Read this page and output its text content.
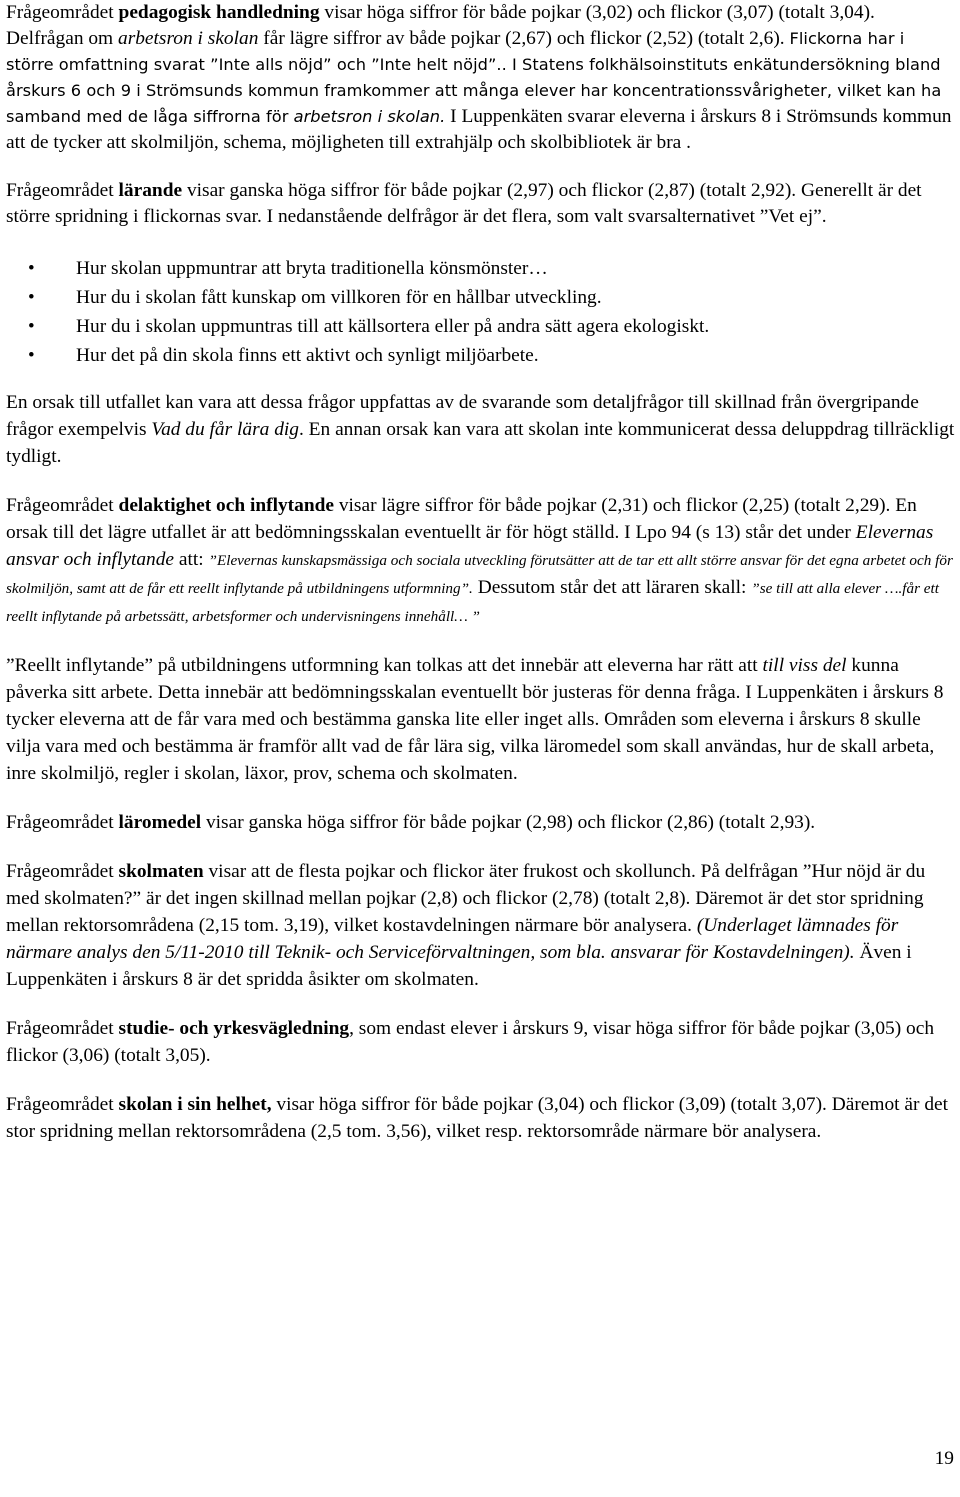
Frågeområdet pedagogisk handledning visar höga siffror för både pojkar (3,02) och flickor (3,07) (totalt 3,04). Delfrågan om arbetsron i skolan får lägre siffror av både pojkar (2,67) och flickor (2,52) (totalt 2,6). Flickorna har i större omfattning svarat ”Inte alls nöjd” och ”Inte helt nöjd”.. I Statens folkhälsoinstituts enkätundersökning bland årskurs 6 och 9 i Strömsunds kommun framkommer att många elever har koncentrationssvårigheter, vilket kan ha samband med de låga siffrorna för arbetsron i skolan. I Luppenkäten svarar eleverna i årskurs 8 i Strömsunds kommun att de tycker att skolmiljön, schema, möjligheten till extrahjälp och skolbibliotek är bra .

Frågeområdet lärande visar ganska höga siffror för både pojkar (2,97) och flickor (2,87) (totalt 2,92). Generellt är det större spridning i flickornas svar. I nedanstående delfrågor är det flera, som valt svarsalternativet ”Vet ej”.

• Hur skolan uppmuntrar att bryta traditionella könsmönster…
• Hur du i skolan fått kunskap om villkoren för en hållbar utveckling.
• Hur du i skolan uppmuntras till att källsortera eller på andra sätt agera ekologiskt.
• Hur det på din skola finns ett aktivt och synligt miljöarbete.

En orsak till utfallet kan vara att dessa frågor uppfattas av de svarande som detaljfrågor till skillnad från övergripande frågor exempelvis Vad du får lära dig. En annan orsak kan vara att skolan inte kommunicerat dessa deluppdrag tillräckligt tydligt.

Frågeområdet delaktighet och inflytande visar lägre siffror för både pojkar (2,31) och flickor (2,25) (totalt 2,29). En orsak till det lägre utfallet är att bedömningsskalan eventuellt är för högt ställd. I Lpo 94 (s 13) står det under Elevernas ansvar och inflytande att: ”Elevernas kunskapsmässiga och sociala utveckling förutsätter att de tar ett allt större ansvar för det egna arbetet och för skolmiljön, samt att de får ett reellt inflytande på utbildningens utformning”. Dessutom står det att läraren skall: ”se till att alla elever ….får ett reellt inflytande på arbetssätt, arbetsformer och undervisningens innehåll… ”

”Reellt inflytande” på utbildningens utformning kan tolkas att det innebär att eleverna har rätt att till viss del kunna påverka sitt arbete. Detta innebär att bedömningsskalan eventuellt bör justeras för denna fråga. I Luppenkäten i årskurs 8 tycker eleverna att de får vara med och bestämma ganska lite eller inget alls. Områden som eleverna i årskurs 8 skulle vilja vara med och bestämma är framför allt vad de får lära sig, vilka läromedel som skall användas, hur de skall arbeta, inre skolmiljö, regler i skolan, läxor, prov, schema och skolmaten.

Frågeområdet läromedel visar ganska höga siffror för både pojkar (2,98) och flickor (2,86) (totalt 2,93).

Frågeområdet skolmaten visar att de flesta pojkar och flickor äter frukost och skollunch. På delfrågan ”Hur nöjd är du med skolmaten?” är det ingen skillnad mellan pojkar (2,8) och flickor (2,78) (totalt 2,8). Däremot är det stor spridning mellan rektorsområdena (2,15 tom. 3,19), vilket kostavdelningen närmare bör analysera. (Underlaget lämnades för närmare analys den 5/11-2010 till Teknik- och Serviceförvaltningen, som bla. ansvarar för Kostavdelningen). Även i Luppenkäten i årskurs 8 är det spridda åsikter om skolmaten.

Frågeområdet studie- och yrkesvägledning, som endast elever i årskurs 9, visar höga siffror för både pojkar (3,05) och flickor (3,06) (totalt 3,05).

Frågeområdet skolan i sin helhet, visar höga siffror för både pojkar (3,04) och flickor (3,09) (totalt 3,07). Däremot är det stor spridning mellan rektorsområdena (2,5 tom. 3,56), vilket resp. rektorsområde närmare bör analysera.

19
